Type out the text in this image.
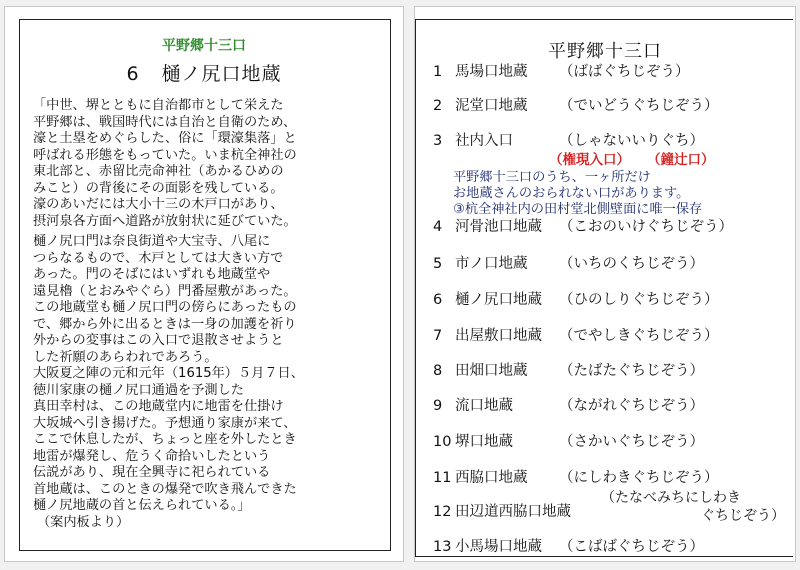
平野郷十三口
6 樋ノ尻口地蔵

「中世、堺とともに自治都市として栄えた

平野郷は、戦国時代には自治と自衛のため、

濠と土塁をめぐらした、俗に「環濠集落」と

呼ばれる形態をもっていた。いま杭全神社の

東北部と、赤留比売命神社（あかるひめの

みこと）の背後にその面影を残している。

濠のあいだには大小十三の木戸口があり、

摂河泉各方面へ道路が放射状に延びていた。

樋ノ尻口門は奈良街道や大宝寺、八尾に

つらなるもので、木戸としては大きい方で

あった。門のそばにはいずれも地蔵堂や

遠見櫓（とおみやぐら）門番屋敷があった。

この地蔵堂も樋ノ尻口門の傍らにあったもの

で、郷から外に出るときは一身の加護を祈り

外からの変事はこの入口で退散させようと

した祈願のあらわれであろう。

大阪夏之陣の元和元年（1615年）５月７日、

徳川家康の樋ノ尻口通過を予測した

真田幸村は、この地蔵堂内に地雷を仕掛け

大坂城へ引き揚げた。予想通り家康が来て、

ここで休息したが、ちょっと座を外したとき

地雷が爆発し、危うく命拾いしたという

伝説があり、現在全興寺に祀られている

首地蔵は、このときの爆発で吹き飛んできた

樋ノ尻地蔵の首と伝えられている。」

（案内板より）

平野郷十三口
1 馬場口地蔵 （ばばぐちじぞう）
2 泥堂口地蔵 （でいどうぐちじぞう）
3 社内入口	（しゃないいりぐち）
（権現入口） （鐘辻口）
平野郷十三口のうち、一ヶ所だけ
お地蔵さんのおられない口があります。
③杭全神社内の田村堂北側壁面に唯一保存
4 河骨池口地蔵 （こおのいけぐちじぞう）
5 市ノ口地蔵 （いちのくちじぞう）
6 樋ノ尻口地蔵 （ひのしりぐちじぞう）
7 出屋敷口地蔵 （でやしきぐちじぞう）
8 田畑口地蔵 （たばたぐちじぞう）
9 流口地蔵	（ながれぐちじぞう）
10 堺口地蔵	（さかいぐちじぞう）
11 西脇口地蔵 （にしわきぐちじぞう）
12 田辺道西脇口地蔵
（たなべみちにしわき
ぐちじぞう）
13 小馬場口地蔵 （こばばぐちじぞう）
